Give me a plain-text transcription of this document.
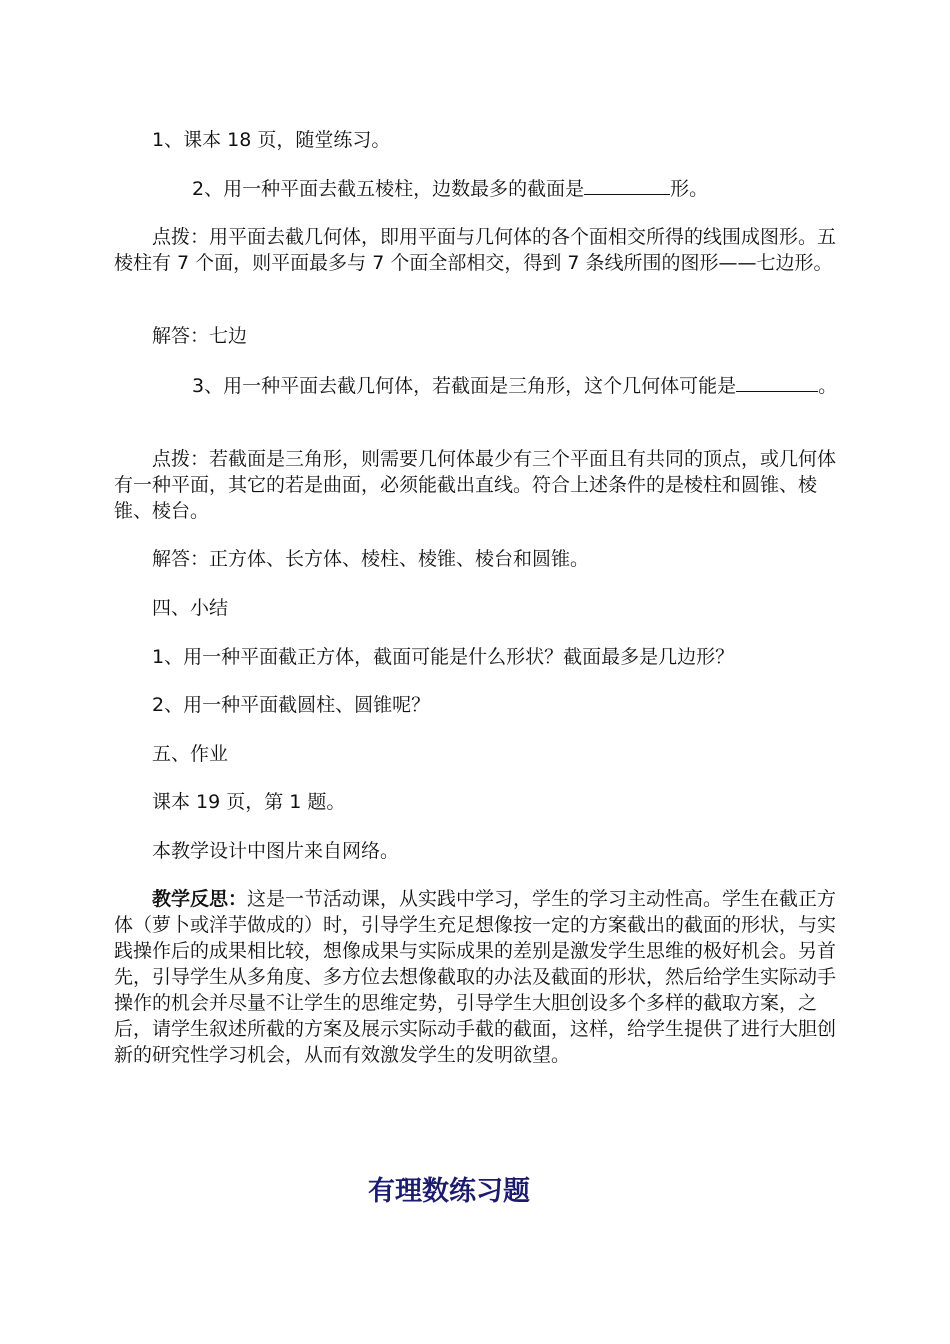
1、课本 18 页，随堂练习。

2、用一种平面去截五棱柱，边数最多的截面是	形。

点拨：用平面去截几何体，即用平面与几何体的各个面相交所得的线围成图形。五棱柱有 7 个面，则平面最多与 7 个面全部相交，得到 7 条线所围的图形——七边形。

解答：七边

3、用一种平面去截几何体，若截面是三角形，这个几何体可能是	。

点拨：若截面是三角形，则需要几何体最少有三个平面且有共同的顶点，或几何体有一种平面，其它的若是曲面，必须能截出直线。符合上述条件的是棱柱和圆锥、棱锥、棱台。

解答：正方体、长方体、棱柱、棱锥、棱台和圆锥。

四、小结

1、用一种平面截正方体，截面可能是什么形状？截面最多是几边形？

2、用一种平面截圆柱、圆锥呢？

五、作业

课本 19 页，第 1 题。

本教学设计中图片来自网络。

教学反思：这是一节活动课，从实践中学习，学生的学习主动性高。学生在截正方体（萝卜或洋芋做成的）时，引导学生充足想像按一定的方案截出的截面的形状，与实践操作后的成果相比较，想像成果与实际成果的差别是激发学生思维的极好机会。另首先，引导学生从多角度、多方位去想像截取的办法及截面的形状，然后给学生实际动手操作的机会并尽量不让学生的思维定势，引导学生大胆创设多个多样的截取方案，之后，请学生叙述所截的方案及展示实际动手截的截面，这样，给学生提供了进行大胆创新的研究性学习机会，从而有效激发学生的发明欲望。

有理数练习题
